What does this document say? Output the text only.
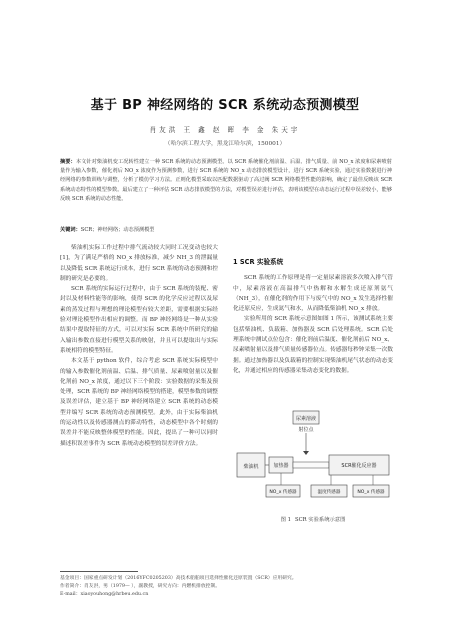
基于 BP 神经网络的 SCR 系统动态预测模型
肖友洪 王 鑫 赵 晖 李 金 朱天宇
（哈尔滨工程大学，黑龙江哈尔滨，150001）
摘要：本文针对柴油机变工况转性建立一种 SCR 系统的动态预测模型。以 SCR 系统催化剂前温、后温、排气质量、前 NO_x 浓度和尿素喷射量作为输入参数，催化剂后 NO_x 浓度作为预测参数，进行 SCR 系统的 NO_x 动态排放模型设计，进行 SCR 系统实验，通过实验数据进行神经网络的参数训练与调整，分析了模仿学习方法。正则化模型采取以匹配数据驱动了高过阀 SCR 网络模型性能的影响，确定了最佳反映该 SCR 系统动态特性的模型参数。最后建立了一种评估 SCR 动态排放模型的方法，对模型误差进行评估，表明该模型在动态运行过程中误差较小，能够反映 SCR 系统的动态性能。
关键词：SCR；神经网络；动态预测模型

柴油机实际工作过程中排气流动较大同时工况变动也较大[1]，为了满足严格的 NO_x 排放标准，减少 NH_3 的泄漏量以及降低 SCR 系统运行成本，进行 SCR 系统的动态预测和控制的研究是必要的。

SCR 系统的实际运行过程中，由于 SCR 系统的装配、密封以及材料性能等的影响，使得 SCR 的化学反应过程以及尿素的蒸发过程与理想的理论模型有较大差距，需要根据实际经验对理论模型作出相应的调整。而 BP 神经网络是一种从实验结果中提取特征的方式，可以对实际 SCR 系统中所研究的输入输出参数直接进行模型关系的映射，并且可以提取出与实际系统相符的模型特征。

本文基于 python 软件，综合考虑 SCR 系统实际模型中的输入参数催化剂前温、后温、排气质量、尿素喷射量以及催化剂前 NO_x 浓度，通过以下三个阶段：实验数据的采集及预处理，SCR 系统的 BP 神经网络模型的搭建，模型参数的调整及误差评估，建立基于 BP 神经网络建立 SCR 系统的动态模型并编写 SCR 系统的动态预测模型。此外，由于实际柴油机的运动性以及传感器测点的滞动特性，动态模型中各个时刻的误差并不能反映整体模型的性能。因此，提出了一种可以同时描述积误差事件为 SCR 系统动态模型的误差评价方法。

1 SCR 实验系统

SCR 系统的工作原理是将一定量尿素溶液多次喷入排气管中，尿素溶液在高温排气中热解和水解生成还原剂氨气（NH_3），在催化剂的作用下与废气中的 NO_x 发生选择性催化还原反应，生成氮气和水，从而降低柴油机 NO_x 排放。

实验所用的 SCR 系统示意图如图 1 所示，该测试系统主要包括柴油机、负载箱、加热器及 SCR 后处理系统。SCR 后处理系统中测试点位包含：催化剂前后温度、催化剂前后 NO_x、尿素喷射量以及排气质量传感器位点。传感器每秒钟采集一次数据。通过加热器以及负载箱的控制实现柴油机尾气状态的动态变化，并通过相应的传感器采集动态变化的数据。

尿素溶液
射位点
柴油机	加热器	SCR催化反应器
NO_x 传感器	温度传感器	NO_x 传感器
图 1 SCR 实验系统示意图
基金项目：国家重点研发计划（2016YFC0205203）高技术船舶项目选择性催化还原装置（SCR）应用研究。
作者简介：肖友洪，男（1979— ），副教授，研究方向：内燃机排放控制。
E-mail：xiaoyouhong@hrbeu.edu.cn
